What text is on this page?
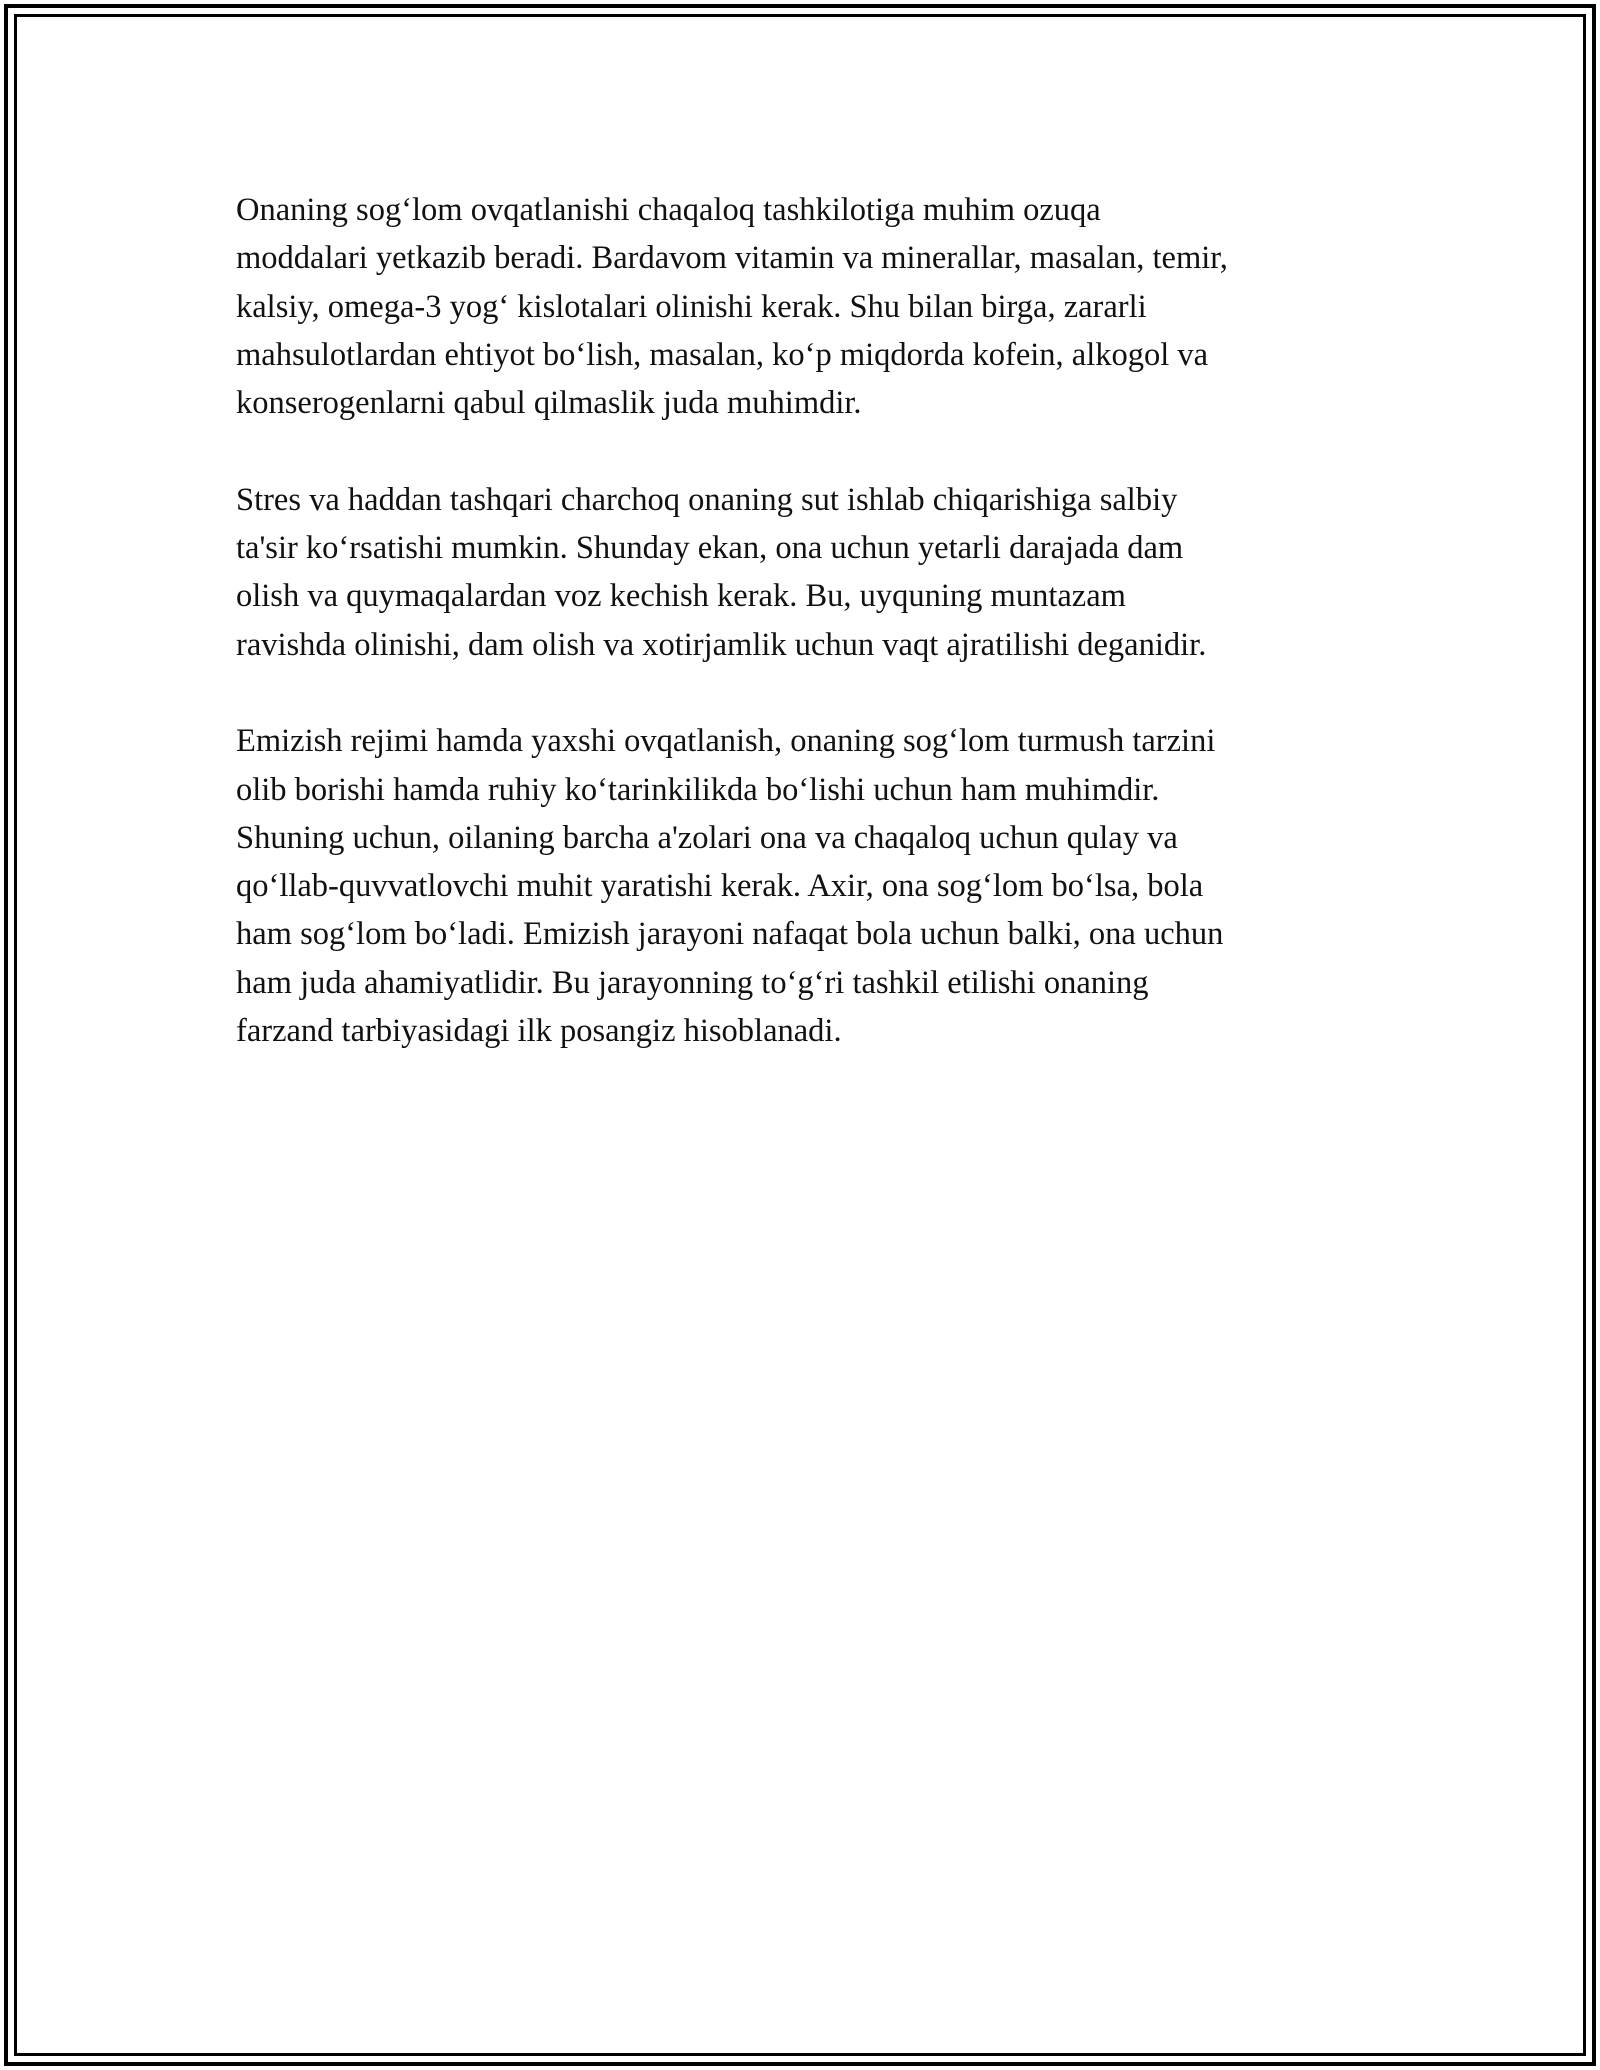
Onaning sog‘lom ovqatlanishi chaqaloq tashkilotiga muhim ozuqa
moddalari yetkazib beradi. Bardavom vitamin va minerallar, masalan, temir,
kalsiy, omega-3 yog‘ kislotalari olinishi kerak. Shu bilan birga, zararli
mahsulotlardan ehtiyot bo‘lish, masalan, ko‘p miqdorda kofein, alkogol va
konserogenlarni qabul qilmaslik juda muhimdir.

Stres va haddan tashqari charchoq onaning sut ishlab chiqarishiga salbiy
ta'sir ko‘rsatishi mumkin. Shunday ekan, ona uchun yetarli darajada dam
olish va quymaqalardan voz kechish kerak. Bu, uyquning muntazam
ravishda olinishi, dam olish va xotirjamlik uchun vaqt ajratilishi deganidir.

Emizish rejimi hamda yaxshi ovqatlanish, onaning sog‘lom turmush tarzini
olib borishi hamda ruhiy ko‘tarinkilikda bo‘lishi uchun ham muhimdir.
Shuning uchun, oilaning barcha a'zolari ona va chaqaloq uchun qulay va
qo‘llab-quvvatlovchi muhit yaratishi kerak. Axir, ona sog‘lom bo‘lsa, bola
ham sog‘lom bo‘ladi. Emizish jarayoni nafaqat bola uchun balki, ona uchun
ham juda ahamiyatlidir. Bu jarayonning to‘g‘ri tashkil etilishi onaning
farzand tarbiyasidagi ilk posangiz hisoblanadi.
